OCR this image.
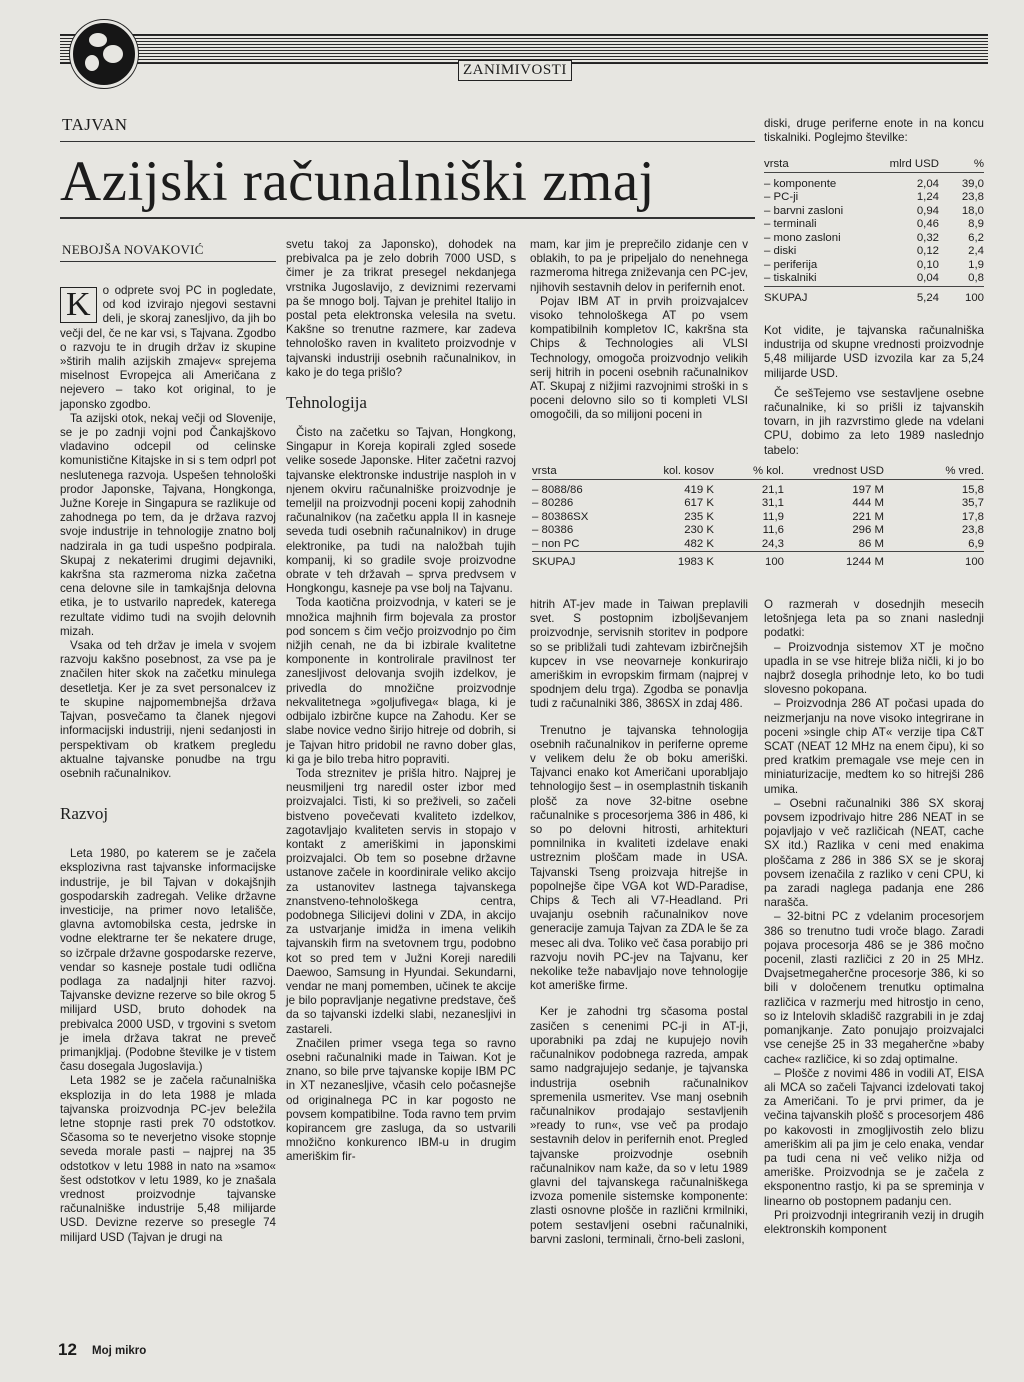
ZANIMIVOSTI
TAJVAN
Azijski računalniški zmaj
NEBOJŠA NOVAKOVIĆ

K	o odprete svoj PC in pogledate, od kod izvirajo njegovi sestavni deli, je skoraj zanesljivo, da jih bo večji del, če ne kar vsi, s Tajvana. Zgodbo o razvoju te in drugih držav iz skupine »štirih malih azijskih zmajev« sprejema miselnost Evropejca ali Američana z nejevero – tako kot original, to je japonsko zgodbo.

Ta azijski otok, nekaj večji od Slovenije, se je po zadnji vojni pod Čankajškovo vladavino odcepil od celinske komunistične Kitajske in si s tem odprl pot neslutenega razvoja. Uspešen tehnološki prodor Japonske, Tajvana, Hongkonga, Južne Koreje in Singapura se razlikuje od zahodnega po tem, da je država razvoj svoje industrije in tehnologije znatno bolj nadzirala in ga tudi uspešno podpirala. Skupaj z nekaterimi drugimi dejavniki, kakršna sta razmeroma nizka začetna cena delovne sile in tamkajšnja delovna etika, je to ustvarilo napredek, katerega rezultate vidimo tudi na svojih delovnih mizah.

Vsaka od teh držav je imela v svojem razvoju kakšno posebnost, za vse pa je značilen hiter skok na začetku minulega desetletja. Ker je za svet personalcev iz te skupine najpomembnejša država Tajvan, posvečamo ta članek njegovi informacijski industriji, njeni sedanjosti in perspektivam ob kratkem pregledu aktualne tajvanske ponudbe na trgu osebnih računalnikov.

Razvoj

Leta 1980, po katerem se je začela eksplozivna rast tajvanske informacijske industrije, je bil Tajvan v dokajšnjih gospodarskih zadregah. Velike državne investicije, na primer novo letališče, glavna avtomobilska cesta, jedrske in vodne elektrarne ter še nekatere druge, so izčrpale državne gospodarske rezerve, vendar so kasneje postale tudi odlična podlaga za nadaljnji hiter razvoj. Tajvanske devizne rezerve so bile okrog 5 milijard USD, bruto dohodek na prebivalca 2000 USD, v trgovini s svetom je imela država takrat ne preveč primanjkljaj. (Podobne številke je v tistem času dosegala Jugoslavija.)

Leta 1982 se je začela računalniška eksplozija in do leta 1988 je mlada tajvanska proizvodnja PC-jev beležila letne stopnje rasti prek 70 odstotkov. Sčasoma so te neverjetno visoke stopnje seveda morale pasti – najprej na 35 odstotkov v letu 1988 in nato na »samo« šest odstotkov v letu 1989, ko je znašala vrednost proizvodnje tajvanske računalniške industrije 5,48 milijarde USD. Devizne rezerve so presegle 74 milijard USD (Tajvan je drugi na

svetu takoj za Japonsko), dohodek na prebivalca pa je zelo dobrih 7000 USD, s čimer je za trikrat presegel nekdanjega vrstnika Jugoslavijo, z deviznimi rezervami pa še mnogo bolj. Tajvan je prehitel Italijo in postal peta elektronska velesila na svetu. Kakšne so trenutne razmere, kar zadeva tehnološko raven in kvaliteto proizvodnje v tajvanski industriji osebnih računalnikov, in kako je do tega prišlo?

Tehnologija

Čisto na začetku so Tajvan, Hongkong, Singapur in Koreja kopirali zgled sosede velike sosede Japonske. Hiter začetni razvoj tajvanske elektronske industrije nasploh in v njenem okviru računalniške proizvodnje je temeljil na proizvodnji poceni kopij zahodnih računalnikov (na začetku appla II in kasneje seveda tudi osebnih računalnikov) in druge elektronike, pa tudi na naložbah tujih kompanij, ki so gradile svoje proizvodne obrate v teh državah – sprva predvsem v Hongkongu, kasneje pa vse bolj na Tajvanu.

Toda kaotična proizvodnja, v kateri se je množica majhnih firm bojevala za prostor pod soncem s čim večjo proizvodnjo po čim nižjih cenah, ne da bi izbirale kvalitetne komponente in kontrolirale pravilnost ter zanesljivost delovanja svojih izdelkov, je privedla do množične proizvodnje nekvalitetnega »goljufivega« blaga, ki je odbijalo izbirčne kupce na Zahodu. Ker se slabe novice vedno širijo hitreje od dobrih, si je Tajvan hitro pridobil ne ravno dober glas, ki ga je bilo treba hitro popraviti.

Toda streznitev je prišla hitro. Najprej je neusmiljeni trg naredil oster izbor med proizvajalci. Tisti, ki so preživeli, so začeli bistveno povečevati kvaliteto izdelkov, zagotavljajo kvaliteten servis in stopajo v kontakt z ameriškimi in japonskimi proizvajalci. Ob tem so posebne državne ustanove začele in koordinirale veliko akcijo za ustanovitev lastnega tajvanskega znanstveno-tehnološkega centra, podobnega Silicijevi dolini v ZDA, in akcijo za ustvarjanje imidža in imena velikih tajvanskih firm na svetovnem trgu, podobno kot so pred tem v Južni Koreji naredili Daewoo, Samsung in Hyundai. Sekundarni, vendar ne manj pomemben, učinek te akcije je bilo popravljanje negativne predstave, češ da so tajvanski izdelki slabi, nezanesljivi in zastareli.

Značilen primer vsega tega so ravno osebni računalniki made in Taiwan. Kot je znano, so bile prve tajvanske kopije IBM PC in XT nezanesljive, včasih celo počasnejše od originalnega PC in kar pogosto ne povsem kompatibilne. Toda ravno tem prvim kopirancem gre zasluga, da so ustvarili množično konkurenco IBM-u in drugim ameriškim fir-

mam, kar jim je preprečilo zidanje cen v oblakih, to pa je pripeljalo do nenehnega razmeroma hitrega zniževanja cen PC-jev, njihovih sestavnih delov in perifernih enot.

Pojav IBM AT in prvih proizvajalcev visoko tehnološkega AT po vsem kompatibilnih kompletov IC, kakršna sta Chips & Technologies ali VLSI Technology, omogoča proizvodnjo velikih serij hitrih in poceni osebnih računalnikov AT. Skupaj z nižjimi razvojnimi stroški in s poceni delovno silo so ti kompleti VLSI omogočili, da so milijoni poceni in

vrsta	kol. kosov	% kol.	vrednost USD	% vred.

– 8088/86	419 K	21,1	197 M	15,8
– 80286	617 K	31,1	444 M	35,7
– 80386SX	235 K	11,9	221 M	17,8
– 80386	230 K	11,6	296 M	23,8
– non PC	482 K	24,3	86 M	6,9

SKUPAJ	1983 K	100	1244 M	100

hitrih AT-jev made in Taiwan preplavili svet. S postopnim izboljševanjem proizvodnje, servisnih storitev in podpore so se približali tudi zahtevam izbirčnejših kupcev in vse neovarneje konkurirajo ameriškim in evropskim firmam (najprej v spodnjem delu trga). Zgodba se ponavlja tudi z računalniki 386, 386SX in zdaj 486.

Trenutno je tajvanska tehnologija osebnih računalnikov in periferne opreme v velikem delu že ob boku ameriški. Tajvanci enako kot Američani uporabljajo tehnologijo šest – in osemplastnih tiskanih plošč za nove 32-bitne osebne računalnike s procesorjema 386 in 486, ki so po delovni hitrosti, arhitekturi pomnilnika in kvaliteti izdelave enaki ustreznim ploščam made in USA. Tajvanski Tseng proizvaja hitrejše in popolnejše čipe VGA kot WD-Paradise, Chips & Tech ali V7-Headland. Pri uvajanju osebnih računalnikov nove generacije zamuja Tajvan za ZDA le še za mesec ali dva. Toliko več časa porabijo pri razvoju novih PC-jev na Tajvanu, ker nekolike teže nabavljajo nove tehnologije kot ameriške firme.

Ker je zahodni trg sčasoma postal zasičen s cenenimi PC-ji in AT-ji, uporabniki pa zdaj ne kupujejo novih računalnikov podobnega razreda, ampak samo nadgrajujejo sedanje, je tajvanska industrija osebnih računalnikov spremenila usmeritev. Vse manj osebnih računalnikov prodajajo sestavljenih »ready to run«, vse več pa prodajo sestavnih delov in perifernih enot. Pregled tajvanske proizvodnje osebnih računalnikov nam kaže, da so v letu 1989 glavni del tajvanskega računalniškega izvoza pomenile sistemske komponente: zlasti osnovne plošče in različni krmilniki, potem sestavljeni osebni računalniki, barvni zasloni, terminali, črno-beli zasloni,

diski, druge periferne enote in na koncu tiskalniki. Poglejmo številke:

vrsta	mlrd USD	%

– komponente	2,04	39,0
– PC-ji	1,24	23,8
– barvni zasloni	0,94	18,0
– terminali	0,46	8,9
– mono zasloni	0,32	6,2
– diski	0,12	2,4
– periferija	0,10	1,9
– tiskalniki	0,04	0,8

SKUPAJ	5,24	100

Kot vidite, je tajvanska računalniška industrija od skupne vrednosti proizvodnje 5,48 milijarde USD izvozila kar za 5,24 milijarde USD.

Če sešTejemo vse sestavljene osebne računalnike, ki so prišli iz tajvanskih tovarn, in jih razvrstimo glede na vdelani CPU, dobimo za leto 1989 naslednjo tabelo:

O razmerah v dosednjih mesecih letošnjega leta pa so znani naslednji podatki:

– Proizvodnja sistemov XT je močno upadla in se vse hitreje bliža ničli, ki jo bo najbrž dosegla prihodnje leto, ko bo tudi slovesno pokopana.

– Proizvodnja 286 AT počasi upada do neizmerjanju na nove visoko integrirane in poceni »single chip AT« verzije tipa C&T SCAT (NEAT 12 MHz na enem čipu), ki so pred kratkim premagale vse meje cen in miniaturizacije, medtem ko so hitrejši 286 umika.

– Osebni računalniki 386 SX skoraj povsem izpodrivajo hitre 286 NEAT in se pojavljajo v več različicah (NEAT, cache SX itd.) Razlika v ceni med enakima ploščama z 286 in 386 SX se je skoraj povsem izenačila z razliko v ceni CPU, ki pa zaradi naglega padanja ene 286 narašča.

– 32-bitni PC z vdelanim procesorjem 386 so trenutno tudi vroče blago. Zaradi pojava procesorja 486 se je 386 močno pocenil, zlasti različici z 20 in 25 MHz. Dvajsetmegaherčne procesorje 386, ki so bili v določenem trenutku optimalna različica v razmerju med hitrostjo in ceno, so iz Intelovih skladišč razgrabili in je zdaj pomanjkanje. Zato ponujajo proizvajalci vse cenejše 25 in 33 megaherčne »baby cache« različice, ki so zdaj optimalne.

– Plošče z novimi 486 in vodili AT, EISA ali MCA so začeli Tajvanci izdelovati takoj za Američani. To je prvi primer, da je večina tajvanskih plošč s procesorjem 486 po kakovosti in zmogljivostih zelo blizu ameriškim ali pa jim je celo enaka, vendar pa tudi cena ni več veliko nižja od ameriške. Proizvodnja se je začela z eksponentno rastjo, ki pa se spreminja v linearno ob postopnem padanju cen.

Pri proizvodnji integriranih vezij in drugih elektronskih komponent

12 Moj mikro
